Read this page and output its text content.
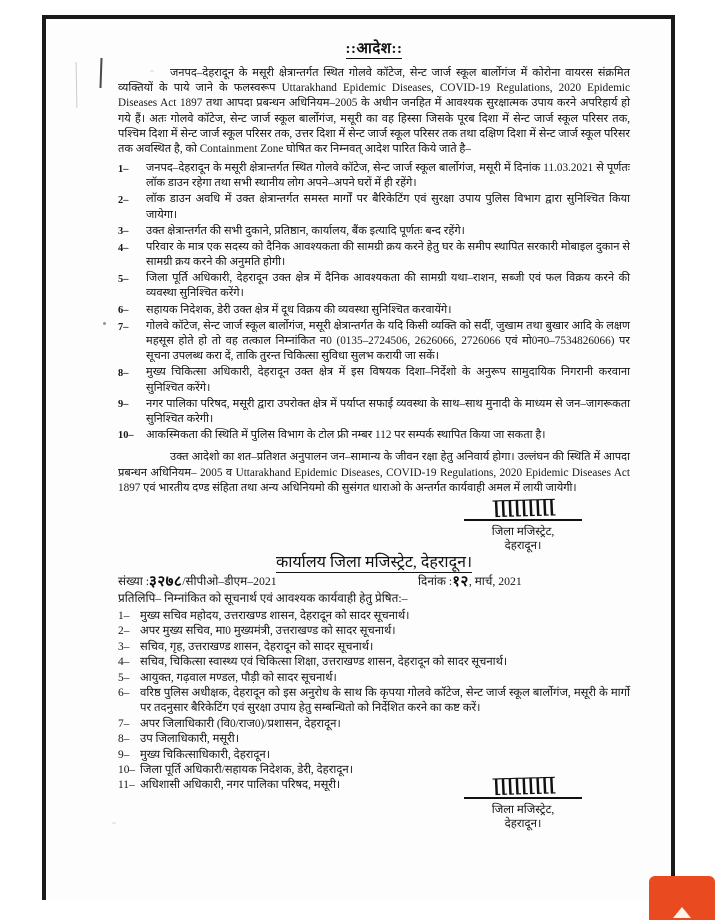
::आदेश::

जनपद–देहरादून के मसूरी क्षेत्रान्तर्गत स्थित गोलवे कॉटेज, सेन्ट जार्ज स्कूल बार्लोगंज में कोरोना वायरस संक्रमित व्यक्तियों के पाये जाने के फलस्वरूप Uttarakhand Epidemic Diseases, COVID-19 Regulations, 2020 Epidemic Diseases Act 1897 तथा आपदा प्रबन्धन अधिनियम–2005 के अधीन जनहित में आवश्यक सुरक्षात्मक उपाय करने अपरिहार्य हो गये हैं। अतः गोलवे कॉटेज, सेन्ट जार्ज स्कूल बार्लोगंज, मसूरी का वह हिस्सा जिसके पूरब दिशा में सेन्ट जार्ज स्कूल परिसर तक, पश्चिम दिशा में सेन्ट जार्ज स्कूल परिसर तक, उत्तर दिशा में सेन्ट जार्ज स्कूल परिसर तक तथा दक्षिण दिशा में सेन्ट जार्ज स्कूल परिसर तक अवस्थित है, को Containment Zone घोषित कर निम्नवत् आदेश पारित किये जाते है–

1–	जनपद–देहरादून के मसूरी क्षेत्रान्तर्गत स्थित गोलवे कॉटेज, सेन्ट जार्ज स्कूल बार्लोगंज, मसूरी में दिनांक 11.03.2021 से पूर्णतः लॉक डाउन रहेगा तथा सभी स्थानीय लोग अपने–अपने घरों में ही रहेंगे।
2–	लॉक डाउन अवधि में उक्त क्षेत्रान्तर्गत समस्त मार्गों पर बैरिकेटिंग एवं सुरक्षा उपाय पुलिस विभाग द्वारा सुनिश्चित किया जायेगा।
3–	उक्त क्षेत्रान्तर्गत की सभी दुकाने, प्रतिष्ठान, कार्यालय, बैंक इत्यादि पूर्णतः बन्द रहेंगे।
4–	परिवार के मात्र एक सदस्य को दैनिक आवश्यकता की सामग्री क्रय करने हेतु घर के समीप स्थापित सरकारी मोबाइल दुकान से सामग्री क्रय करने की अनुमति होगी।
5–	जिला पूर्ति अधिकारी, देहरादून उक्त क्षेत्र में दैनिक आवश्यकता की सामग्री यथा–राशन, सब्जी एवं फल विक्रय करने की व्यवस्था सुनिश्चित करेंगे।
6–	सहायक निदेशक, डेरी उक्त क्षेत्र में दूध विक्रय की व्यवस्था सुनिश्चित करवायेंगे।
7–	गोलवे कॉटेज, सेन्ट जार्ज स्कूल बार्लोगंज, मसूरी क्षेत्रान्तर्गत के यदि किसी व्यक्ति को सर्दी, जुखाम तथा बुखार आदि के लक्षण महसूस होते हो तो वह तत्काल निम्नांकित न0 (0135–2724506, 2626066, 2726066 एवं मो0न0–7534826066) पर सूचना उपलब्ध करा दें, ताकि तुरन्त चिकित्सा सुविधा सुलभ करायी जा सकें।
8–	मुख्य चिकित्सा अधिकारी, देहरादून उक्त क्षेत्र में इस विषयक दिशा–निर्देशो के अनुरूप सामुदायिक निगरानी करवाना सुनिश्चित करेंगे।
9–	नगर पालिका परिषद, मसूरी द्वारा उपरोक्त क्षेत्र में पर्याप्त सफाई व्यवस्था के साथ–साथ मुनादी के माध्यम से जन–जागरूकता सुनिश्चित करेगी।
10–	आकस्मिकता की स्थिति में पुलिस विभाग के टोल फ्री नम्बर 112 पर सम्पर्क स्थापित किया जा सकता है।

उक्त आदेशो का शत–प्रतिशत अनुपालन जन–सामान्य के जीवन रक्षा हेतु अनिवार्य होगा। उल्लंघन की स्थिति में आपदा प्रबन्धन अधिनियम– 2005 व Uttarakhand Epidemic Diseases, COVID-19 Regulations, 2020 Epidemic Diseases Act 1897 एवं भारतीय दण्ड संहिता तथा अन्य अधिनियमो की सुसंगत धाराओ के अन्तर्गत कार्यवाही अमल में लायी जायेगी।

ꞁꞁꞁꞁꞁꞁꞁꞁꞁ
जिला मजिस्ट्रेट,
देहरादून।
कार्यालय जिला मजिस्ट्रेट, देहरादून।
संख्या :३२७८/सीपीओ–डीएम–2021	दिनांक :१२, मार्च, 2021
प्रतिलिपि– निम्नांकित को सूचनार्थ एवं आवश्यक कार्यवाही हेतु प्रेषित:–
1– मुख्य सचिव महोदय, उत्तराखण्ड शासन, देहरादून को सादर सूचनार्थ।
2– अपर मुख्य सचिव, मा0 मुख्यमंत्री, उत्तराखण्ड को सादर सूचनार्थ।
3– सचिव, गृह, उत्तराखण्ड शासन, देहरादून को सादर सूचनार्थ।
4– सचिव, चिकित्सा स्वास्थ्य एवं चिकित्सा शिक्षा, उत्तराखण्ड शासन, देहरादून को सादर सूचनार्थ।
5– आयुक्त, गढ़वाल मण्डल, पौड़ी को सादर सूचनार्थ।
6– वरिष्ठ पुलिस अधीक्षक, देहरादून को इस अनुरोध के साथ कि कृपया गोलवे कॉटेज, सेन्ट जार्ज स्कूल बार्लोगंज, मसूरी के मार्गो पर तदनुसार बैरिकेटिंग एवं सुरक्षा उपाय हेतु सम्बन्धितो को निर्देशित करने का कष्ट करें।
7– अपर जिलाधिकारी (वि0/राज0)/प्रशासन, देहरादून।
8– उप जिलाधिकारी, मसूरी।
9– मुख्य चिकित्साधिकारी, देहरादून।
10– जिला पूर्ति अधिकारी/सहायक निदेशक, डेरी, देहरादून।
11– अधिशासी अधिकारी, नगर पालिका परिषद, मसूरी।	ꞁꞁꞁꞁꞁꞁꞁꞁꞁ
जिला मजिस्ट्रेट,
देहरादून।
